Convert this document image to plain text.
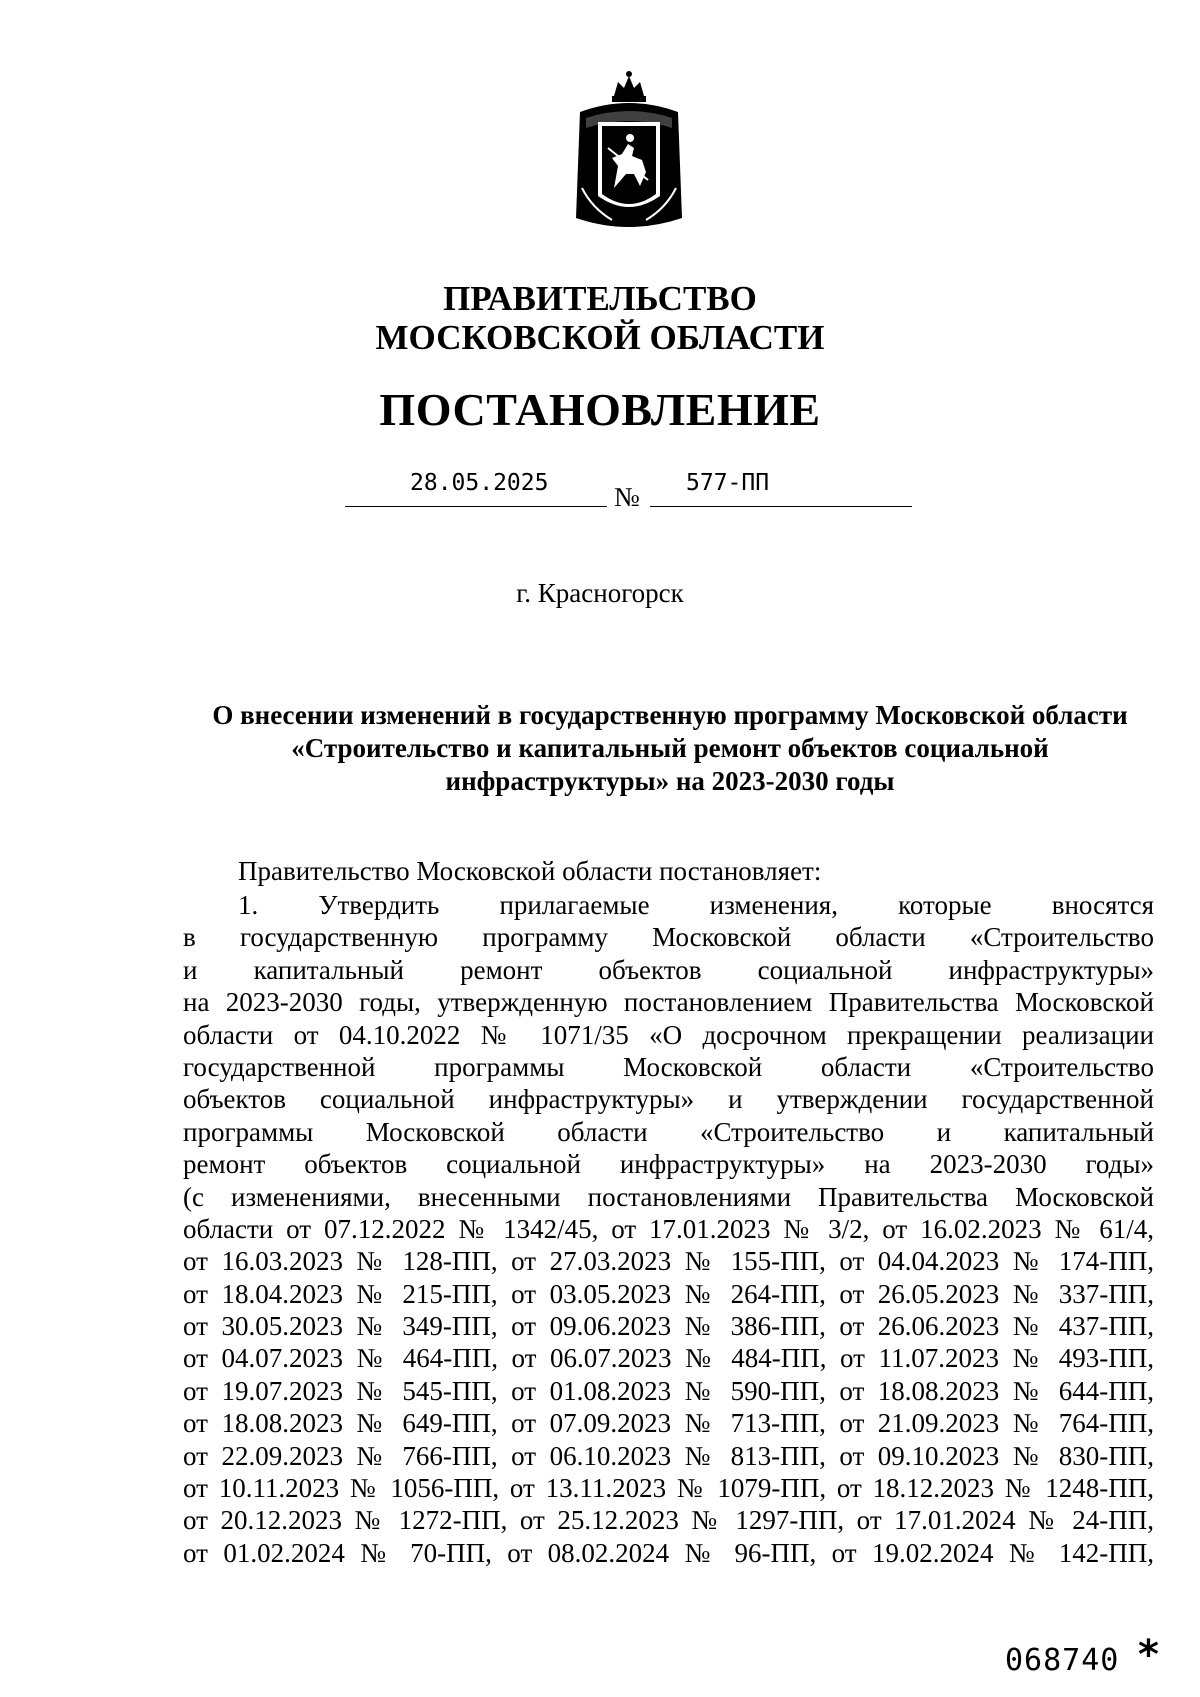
ПРАВИТЕЛЬСТВО
МОСКОВСКОЙ ОБЛАСТИ
ПОСТАНОВЛЕНИЕ
28.05.2025 № 577-ПП
г. Красногорск
О внесении изменений в государственную программу Московской области
«Строительство и капитальный ремонт объектов социальной
инфраструктуры» на 2023-2030 годы
Правительство Московской области постановляет:
1. Утвердить прилагаемые изменения, которые вносятся
в государственную программу Московской области «Строительство
и капитальный ремонт объектов социальной инфраструктуры»
на 2023-2030 годы, утвержденную постановлением Правительства Московской
области от 04.10.2022 № 1071/35 «О досрочном прекращении реализации
государственной программы Московской области «Строительство
объектов социальной инфраструктуры» и утверждении государственной
программы Московской области «Строительство и капитальный
ремонт объектов социальной инфраструктуры» на 2023-2030 годы»
(с изменениями, внесенными постановлениями Правительства Московской
области от 07.12.2022 № 1342/45, от 17.01.2023 № 3/2, от 16.02.2023 № 61/4,
от 16.03.2023 № 128-ПП, от 27.03.2023 № 155-ПП, от 04.04.2023 № 174-ПП,
от 18.04.2023 № 215-ПП, от 03.05.2023 № 264-ПП, от 26.05.2023 № 337-ПП,
от 30.05.2023 № 349-ПП, от 09.06.2023 № 386-ПП, от 26.06.2023 № 437-ПП,
от 04.07.2023 № 464-ПП, от 06.07.2023 № 484-ПП, от 11.07.2023 № 493-ПП,
от 19.07.2023 № 545-ПП, от 01.08.2023 № 590-ПП, от 18.08.2023 № 644-ПП,
от 18.08.2023 № 649-ПП, от 07.09.2023 № 713-ПП, от 21.09.2023 № 764-ПП,
от 22.09.2023 № 766-ПП, от 06.10.2023 № 813-ПП, от 09.10.2023 № 830-ПП,
от 10.11.2023 № 1056-ПП, от 13.11.2023 № 1079-ПП, от 18.12.2023 № 1248-ПП,
от 20.12.2023 № 1272-ПП, от 25.12.2023 № 1297-ПП, от 17.01.2024 № 24-ПП,
от 01.02.2024 № 70-ПП, от 08.02.2024 № 96-ПП, от 19.02.2024 № 142-ПП,
068740 *
